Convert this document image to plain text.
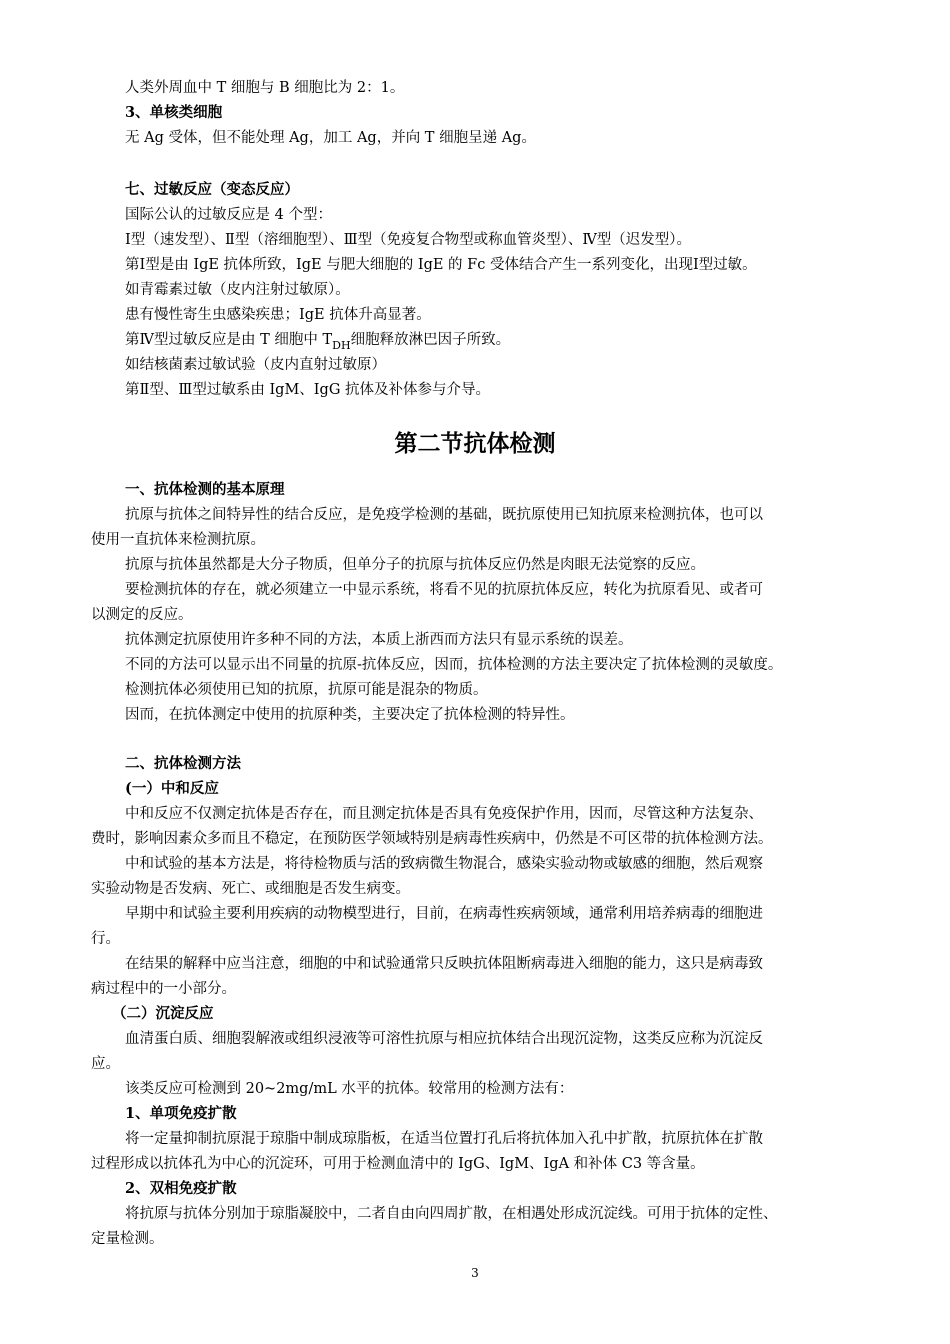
人类外周血中 T 细胞与 B 细胞比为 2：1。
3、单核类细胞
无 Ag 受体，但不能处理 Ag，加工 Ag，并向 T 细胞呈递 Ag。
七、过敏反应（变态反应）
国际公认的过敏反应是 4 个型：
Ⅰ型（速发型）、Ⅱ型（溶细胞型）、Ⅲ型（免疫复合物型或称血管炎型）、Ⅳ型（迟发型）。
第Ⅰ型是由 IgE 抗体所致，IgE 与肥大细胞的 IgE 的 Fc 受体结合产生一系列变化，出现Ⅰ型过敏。
如青霉素过敏（皮内注射过敏原）。
患有慢性寄生虫感染疾患；IgE 抗体升高显著。
第Ⅳ型过敏反应是由 T 细胞中 $T_{DH}$细胞释放淋巴因子所致。
如结核菌素过敏试验（皮内直射过敏原）
第Ⅱ型、Ⅲ型过敏系由 IgM、IgG 抗体及补体参与介导。
第二节抗体检测
一、抗体检测的基本原理
抗原与抗体之间特异性的结合反应，是免疫学检测的基础，既抗原使用已知抗原来检测抗体，也可以
使用一直抗体来检测抗原。
抗原与抗体虽然都是大分子物质，但单分子的抗原与抗体反应仍然是肉眼无法觉察的反应。
要检测抗体的存在，就必须建立一中显示系统，将看不见的抗原抗体反应，转化为抗原看见、或者可
以测定的反应。
抗体测定抗原使用许多种不同的方法，本质上浙西而方法只有显示系统的误差。
不同的方法可以显示出不同量的抗原-抗体反应，因而，抗体检测的方法主要决定了抗体检测的灵敏度。
检测抗体必须使用已知的抗原，抗原可能是混杂的物质。
因而，在抗体测定中使用的抗原种类，主要决定了抗体检测的特异性。
二、抗体检测方法
(一）中和反应
中和反应不仅测定抗体是否存在，而且测定抗体是否具有免疫保护作用，因而，尽管这种方法复杂、
费时，影响因素众多而且不稳定，在预防医学领域特别是病毒性疾病中，仍然是不可区带的抗体检测方法。
中和试验的基本方法是，将待检物质与活的致病微生物混合，感染实验动物或敏感的细胞，然后观察
实验动物是否发病、死亡、或细胞是否发生病变。
早期中和试验主要利用疾病的动物模型进行，目前，在病毒性疾病领域，通常利用培养病毒的细胞进
行。
在结果的解释中应当注意，细胞的中和试验通常只反映抗体阻断病毒进入细胞的能力，这只是病毒致
病过程中的一小部分。
（二）沉淀反应
血清蛋白质、细胞裂解液或组织浸液等可溶性抗原与相应抗体结合出现沉淀物，这类反应称为沉淀反
应。
该类反应可检测到 20~2mg/mL 水平的抗体。较常用的检测方法有：
1、单项免疫扩散
将一定量抑制抗原混于琼脂中制成琼脂板，在适当位置打孔后将抗体加入孔中扩散，抗原抗体在扩散
过程形成以抗体孔为中心的沉淀环，可用于检测血清中的 IgG、IgM、IgA 和补体 C3 等含量。
2、双相免疫扩散
将抗原与抗体分别加于琼脂凝胶中，二者自由向四周扩散，在相遇处形成沉淀线。可用于抗体的定性、
定量检测。
3
